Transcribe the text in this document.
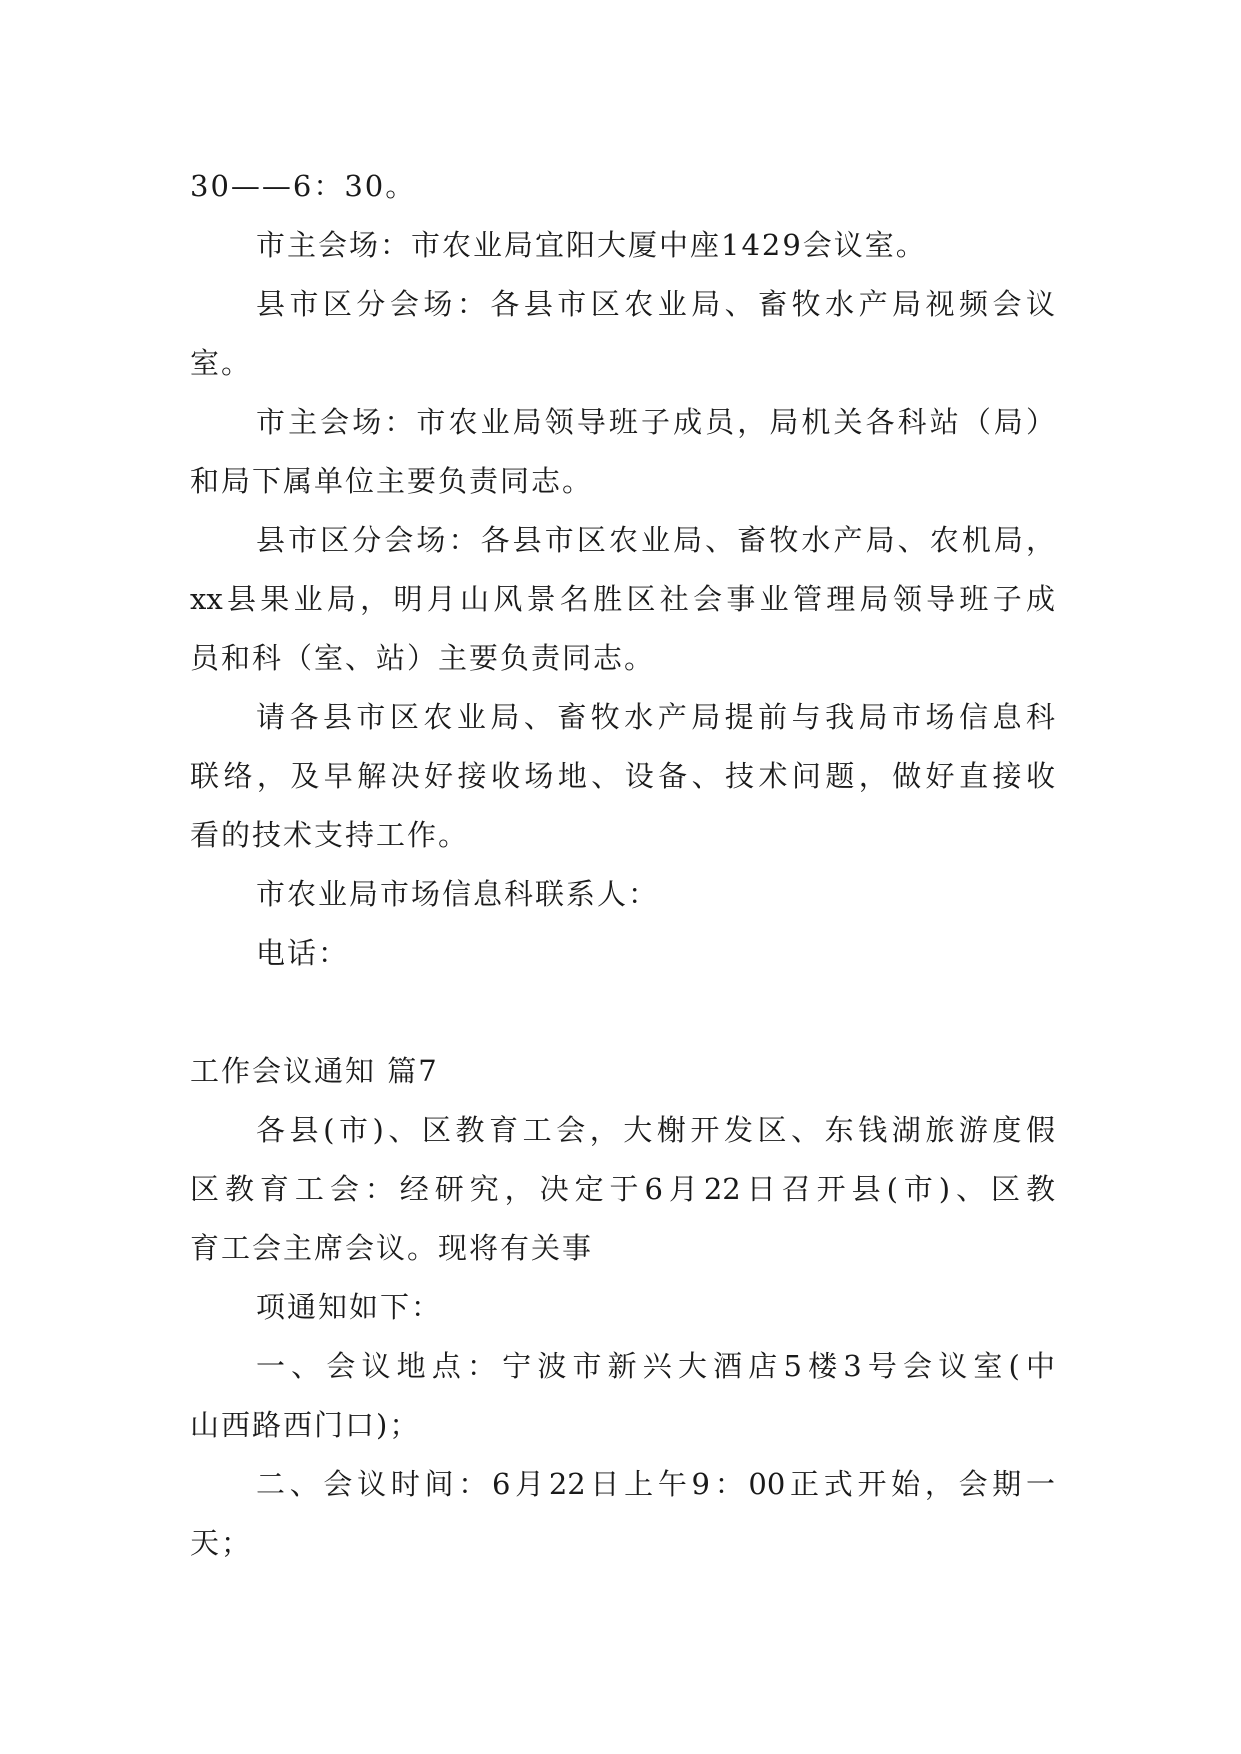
30——6：30。
市主会场：市农业局宜阳大厦中座1429会议室。
县市区分会场：各县市区农业局、畜牧水产局视频会议
室。
市主会场：市农业局领导班子成员，局机关各科站（局）
和局下属单位主要负责同志。
县市区分会场：各县市区农业局、畜牧水产局、农机局，
xx县果业局，明月山风景名胜区社会事业管理局领导班子成
员和科（室、站）主要负责同志。
请各县市区农业局、畜牧水产局提前与我局市场信息科
联络，及早解决好接收场地、设备、技术问题，做好直接收
看的技术支持工作。
市农业局市场信息科联系人：
电话：
工作会议通知 篇7
各县(市)、区教育工会，大榭开发区、东钱湖旅游度假
区教育工会：经研究，决定于6月22日召开县(市)、区教
育工会主席会议。现将有关事
项通知如下：
一、会议地点：宁波市新兴大酒店5楼3号会议室(中
山西路西门口)；
二、会议时间：6月22日上午9：00正式开始，会期一
天；
